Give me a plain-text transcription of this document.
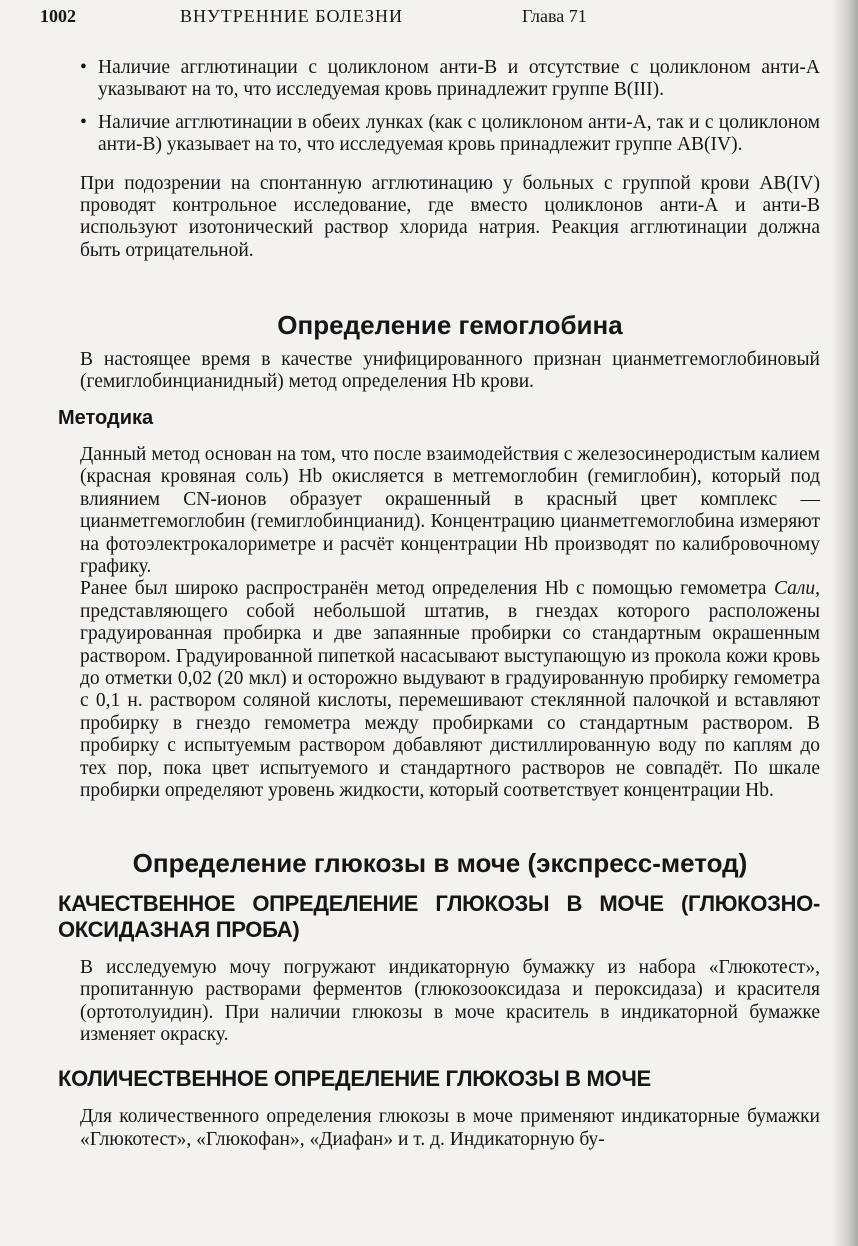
1002	ВНУТРЕННИЕ БОЛЕЗНИ	Глава 71
• Наличие агглютинации с цоликлоном анти-В и отсутствие с цоликлоном анти-А указывают на то, что исследуемая кровь принадлежит группе В(III).
• Наличие агглютинации в обеих лунках (как с цоликлоном анти-А, так и с цоликлоном анти-В) указывает на то, что исследуемая кровь принадлежит группе АВ(IV).

При подозрении на спонтанную агглютинацию у больных с группой крови АВ(IV) проводят контрольное исследование, где вместо цоликлонов анти-А и анти-В используют изотонический раствор хлорида натрия. Реакция агглютинации должна быть отрицательной.

Определение гемоглобина

В настоящее время в качестве унифицированного признан цианметгемоглобиновый (гемиглобинцианидный) метод определения Hb крови.

Методика

Данный метод основан на том, что после взаимодействия с железосинеродистым калием (красная кровяная соль) Hb окисляется в метгемоглобин (гемиглобин), который под влиянием CN-ионов образует окрашенный в красный цвет комплекс — цианметгемоглобин (гемиглобинцианид). Концентрацию цианметгемоглобина измеряют на фотоэлектрокалориметре и расчёт концентрации Hb производят по калибровочному графику.

Ранее был широко распространён метод определения Hb с помощью гемометра Сали, представляющего собой небольшой штатив, в гнездах которого расположены градуированная пробирка и две запаянные пробирки со стандартным окрашенным раствором. Градуированной пипеткой насасывают выступающую из прокола кожи кровь до отметки 0,02 (20 мкл) и осторожно выдувают в градуированную пробирку гемометра с 0,1 н. раствором соляной кислоты, перемешивают стеклянной палочкой и вставляют пробирку в гнездо гемометра между пробирками со стандартным раствором. В пробирку с испытуемым раствором добавляют дистиллированную воду по каплям до тех пор, пока цвет испытуемого и стандартного растворов не совпадёт. По шкале пробирки определяют уровень жидкости, который соответствует концентрации Hb.

Определение глюкозы в моче (экспресс-метод)
КАЧЕСТВЕННОЕ ОПРЕДЕЛЕНИЕ ГЛЮКОЗЫ В МОЧЕ (ГЛЮКОЗНО-ОКСИДАЗНАЯ ПРОБА)

В исследуемую мочу погружают индикаторную бумажку из набора «Глюкотест», пропитанную растворами ферментов (глюкозооксидаза и пероксидаза) и красителя (ортотолуидин). При наличии глюкозы в моче краситель в индикаторной бумажке изменяет окраску.

КОЛИЧЕСТВЕННОЕ ОПРЕДЕЛЕНИЕ ГЛЮКОЗЫ В МОЧЕ

Для количественного определения глюкозы в моче применяют индикаторные бумажки «Глюкотест», «Глюкофан», «Диафан» и т. д. Индикаторную бу-
